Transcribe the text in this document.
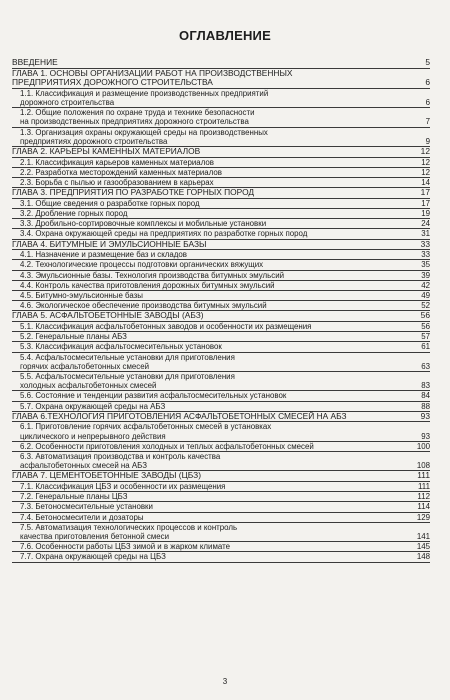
ОГЛАВЛЕНИЕ
ВВЕДЕНИЕ	5
ГЛАВА 1. ОСНОВЫ ОРГАНИЗАЦИИ РАБОТ НА ПРОИЗВОДСТВЕННЫХ
ПРЕДПРИЯТИЯХ ДОРОЖНОГО СТРОИТЕЛЬСТВА	6
1.1. Классификация и размещение производственных предприятий
дорожного строительства	6
1.2. Общие положения по охране труда и технике безопасности
на производственных предприятиях дорожного строительства	7
1.3. Организация охраны окружающей среды на производственных
предприятиях дорожного строительства	9
ГЛАВА 2. КАРЬЕРЫ КАМЕННЫХ МАТЕРИАЛОВ	12
2.1. Классификация карьеров каменных материалов	12
2.2. Разработка месторождений каменных материалов	12
2.3. Борьба с пылью и газообразованием в карьерах	14
ГЛАВА 3. ПРЕДПРИЯТИЯ ПО РАЗРАБОТКЕ ГОРНЫХ ПОРОД	17
3.1. Общие сведения о разработке горных пород	17
3.2. Дробление горных пород	19
3.3. Дробильно-сортировочные комплексы и мобильные установки	24
3.4. Охрана окружающей среды на предприятиях по разработке горных пород	31
ГЛАВА 4. БИТУМНЫЕ И ЭМУЛЬСИОННЫЕ БАЗЫ	33
4.1. Назначение и размещение баз и складов	33
4.2. Технологические процессы подготовки органических вяжущих	35
4.3. Эмульсионные базы. Технология производства битумных эмульсий	39
4.4. Контроль качества приготовления дорожных битумных эмульсий	42
4.5. Битумно-эмульсионные базы	49
4.6. Экологическое обеспечение производства битумных эмульсий	52
ГЛАВА 5. АСФАЛЬТОБЕТОННЫЕ ЗАВОДЫ (АБЗ)	56
5.1. Классификация асфальтобетонных заводов и особенности их размещения	56
5.2. Генеральные планы АБЗ	57
5.3. Классификация асфальтосмесительных установок	61
5.4. Асфальтосмесительные установки для приготовления
горячих асфальтобетонных смесей	63
5.5. Асфальтосмесительные установки для приготовления
холодных асфальтобетонных смесей	83
5.6. Состояние и тенденции развития асфальтосмесительных установок	84
5.7. Охрана окружающей среды на АБЗ	88
ГЛАВА 6.ТЕХНОЛОГИЯ ПРИГОТОВЛЕНИЯ АСФАЛЬТОБЕТОННЫХ СМЕСЕЙ НА АБЗ	93
6.1. Приготовление горячих асфальтобетонных смесей в установках
циклического и непрерывного действия	93
6.2. Особенности приготовления холодных и теплых асфальтобетонных смесей	100
6.3. Автоматизация производства и контроль качества
асфальтобетонных смесей на АБЗ	108
ГЛАВА 7. ЦЕМЕНТОБЕТОННЫЕ ЗАВОДЫ (ЦБЗ)	111
7.1. Классификация ЦБЗ и особенности их размещения	111
7.2. Генеральные планы ЦБЗ	112
7.3. Бетоносмесительные установки	114
7.4. Бетоносмесители и дозаторы	129
7.5. Автоматизация технологических процессов и контроль
качества приготовления бетонной смеси	141
7.6. Особенности работы ЦБЗ зимой и в жарком климате	145
7.7. Охрана окружающей среды на ЦБЗ	148
3
